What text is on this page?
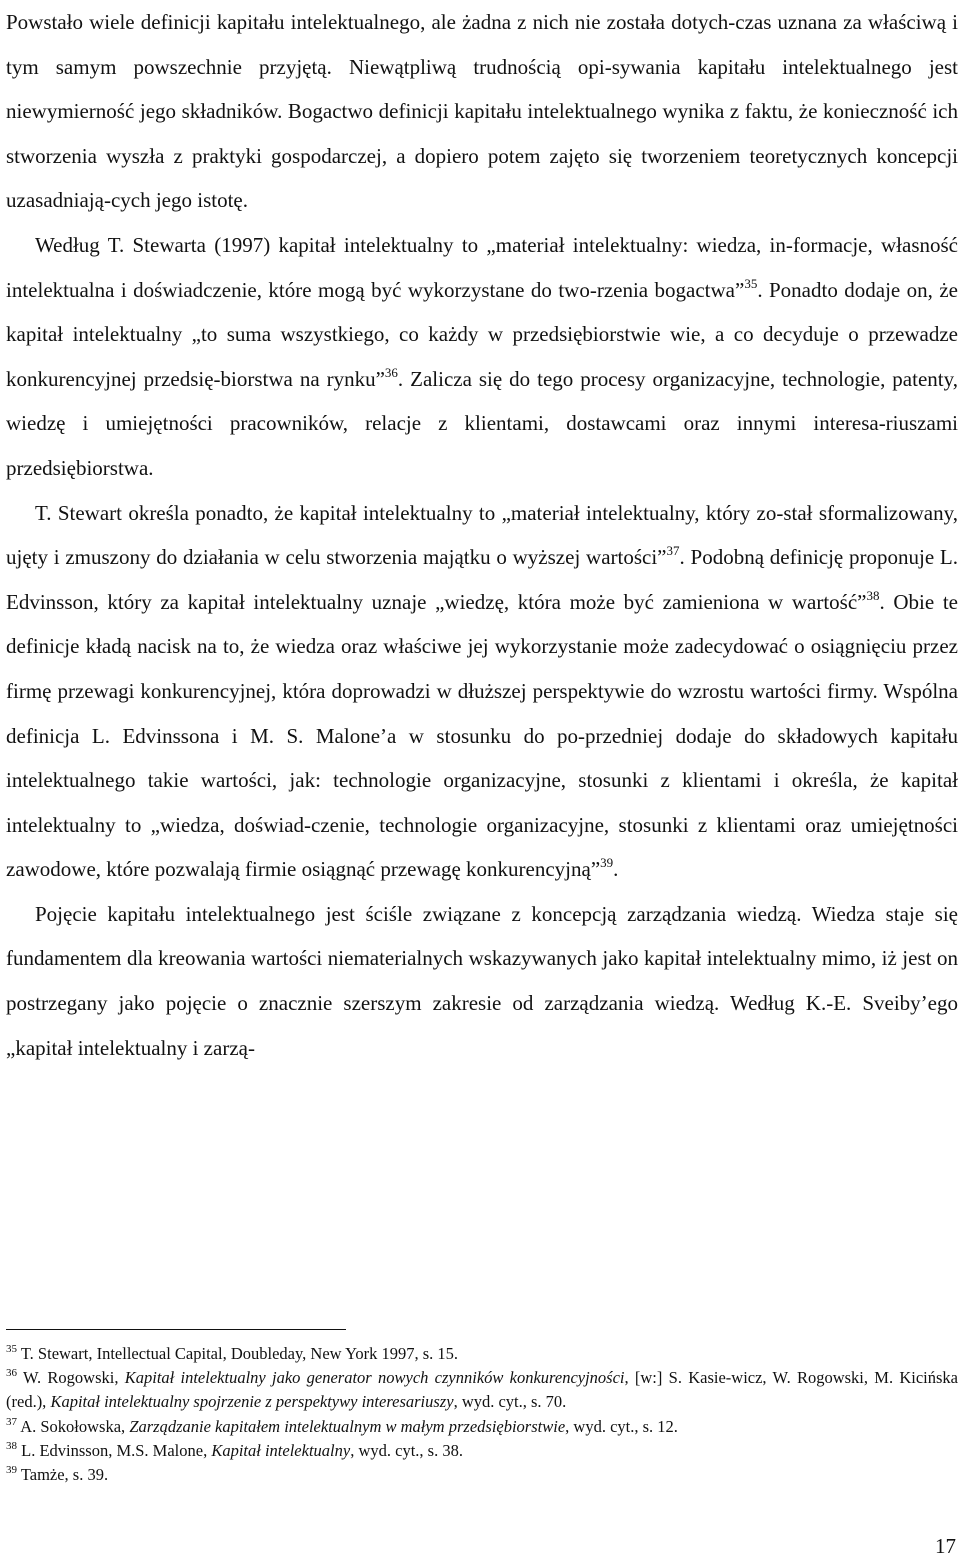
Powstało wiele definicji kapitału intelektualnego, ale żadna z nich nie została dotych-czas uznana za właściwą i tym samym powszechnie przyjętą. Niewątpliwą trudnością opi-sywania kapitału intelektualnego jest niewymierność jego składników. Bogactwo definicji kapitału intelektualnego wynika z faktu, że konieczność ich stworzenia wyszła z praktyki gospodarczej, a dopiero potem zajęto się tworzeniem teoretycznych koncepcji uzasadniają-cych jego istotę.

Według T. Stewarta (1997) kapitał intelektualny to „materiał intelektualny: wiedza, in-formacje, własność intelektualna i doświadczenie, które mogą być wykorzystane do two-rzenia bogactwa”$^{35}$. Ponadto dodaje on, że kapitał intelektualny „to suma wszystkiego, co każdy w przedsiębiorstwie wie, a co decyduje o przewadze konkurencyjnej przedsię-biorstwa na rynku”$^{36}$. Zalicza się do tego procesy organizacyjne, technologie, patenty, wiedzę i umiejętności pracowników, relacje z klientami, dostawcami oraz innymi interesa-riuszami przedsiębiorstwa.

T. Stewart określa ponadto, że kapitał intelektualny to „materiał intelektualny, który zo-stał sformalizowany, ujęty i zmuszony do działania w celu stworzenia majątku o wyższej wartości”$^{37}$. Podobną definicję proponuje L. Edvinsson, który za kapitał intelektualny uznaje „wiedzę, która może być zamieniona w wartość”$^{38}$. Obie te definicje kładą nacisk na to, że wiedza oraz właściwe jej wykorzystanie może zadecydować o osiągnięciu przez firmę przewagi konkurencyjnej, która doprowadzi w dłuższej perspektywie do wzrostu wartości firmy. Wspólna definicja L. Edvinssona i M. S. Malone’a w stosunku do po-przedniej dodaje do składowych kapitału intelektualnego takie wartości, jak: technologie organizacyjne, stosunki z klientami i określa, że kapitał intelektualny to „wiedza, doświad-czenie, technologie organizacyjne, stosunki z klientami oraz umiejętności zawodowe, które pozwalają firmie osiągnąć przewagę konkurencyjną”$^{39}$.

Pojęcie kapitału intelektualnego jest ściśle związane z koncepcją zarządzania wiedzą. Wiedza staje się fundamentem dla kreowania wartości niematerialnych wskazywanych jako kapitał intelektualny mimo, iż jest on postrzegany jako pojęcie o znacznie szerszym zakresie od zarządzania wiedzą. Według K.-E. Sveiby’ego „kapitał intelektualny i zarzą-

$^{35}$ T. Stewart, Intellectual Capital, Doubleday, New York 1997, s. 15.

$^{36}$ W. Rogowski, Kapitał intelektualny jako generator nowych czynników konkurencyjności, [w:] S. Kasie-wicz, W. Rogowski, M. Kicińska (red.), Kapitał intelektualny spojrzenie z perspektywy interesariuszy, wyd. cyt., s. 70.

$^{37}$ A. Sokołowska, Zarządzanie kapitałem intelektualnym w małym przedsiębiorstwie, wyd. cyt., s. 12.

$^{38}$ L. Edvinsson, M.S. Malone, Kapitał intelektualny, wyd. cyt., s. 38.

$^{39}$ Tamże, s. 39.

17
